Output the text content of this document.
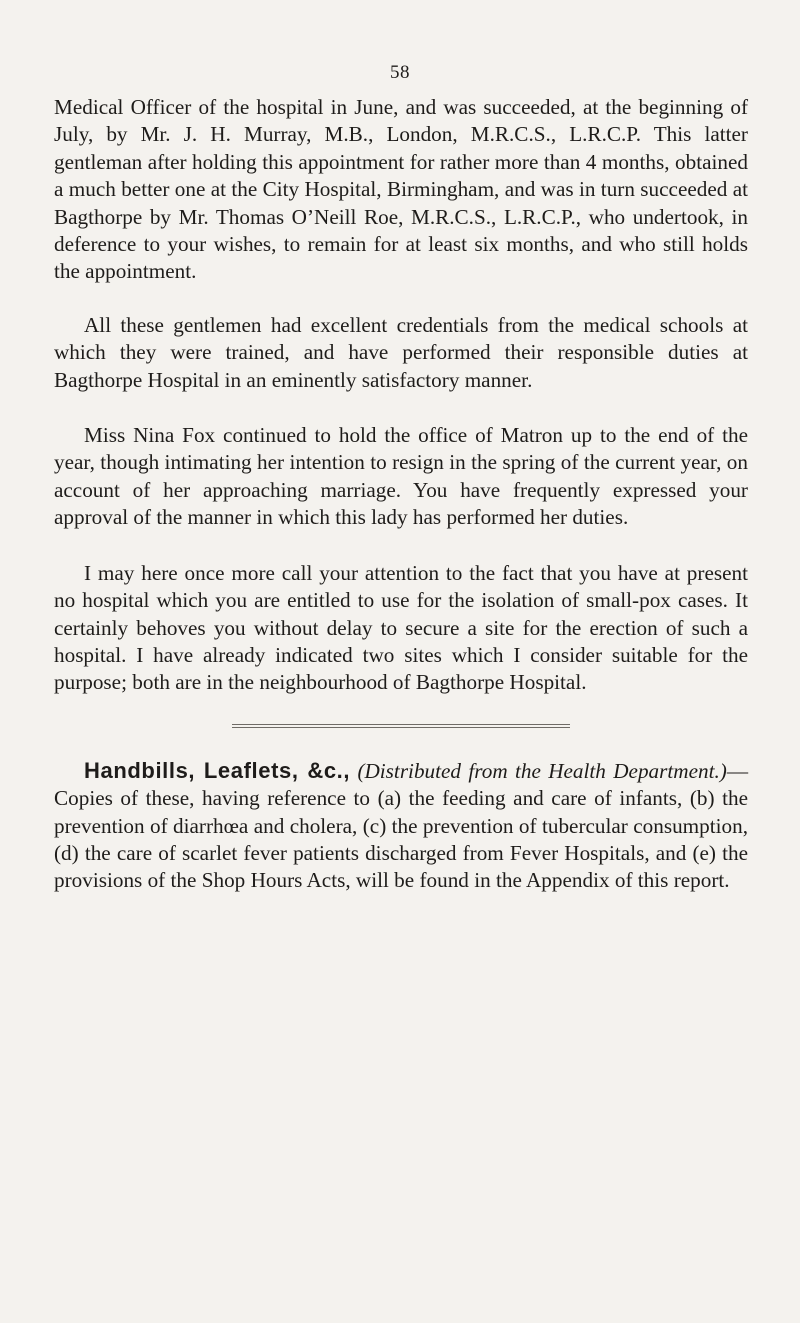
58

Medical Officer of the hospital in June, and was succeeded, at the beginning of July, by Mr. J. H. Murray, M.B., London, M.R.C.S., L.R.C.P. This latter gentleman after holding this appointment for rather more than 4 months, obtained a much better one at the City Hospital, Birmingham, and was in turn succeeded at Bagthorpe by Mr. Thomas O’Neill Roe, M.R.C.S., L.R.C.P., who undertook, in deference to your wishes, to remain for at least six months, and who still holds the appointment.

All these gentlemen had excellent credentials from the medical schools at which they were trained, and have performed their responsible duties at Bagthorpe Hospital in an eminently satisfactory manner.

Miss Nina Fox continued to hold the office of Matron up to the end of the year, though intimating her intention to resign in the spring of the current year, on account of her approaching marriage. You have frequently expressed your approval of the manner in which this lady has performed her duties.

I may here once more call your attention to the fact that you have at present no hospital which you are entitled to use for the isolation of small-pox cases. It certainly behoves you without delay to secure a site for the erection of such a hospital. I have already indicated two sites which I consider suitable for the purpose; both are in the neighbourhood of Bagthorpe Hospital.

Handbills, Leaflets, &c., (Distributed from the Health Department.)—Copies of these, having reference to (a) the feeding and care of infants, (b) the prevention of diarrhœa and cholera, (c) the prevention of tubercular consumption, (d) the care of scarlet fever patients discharged from Fever Hospitals, and (e) the provisions of the Shop Hours Acts, will be found in the Appendix of this report.
